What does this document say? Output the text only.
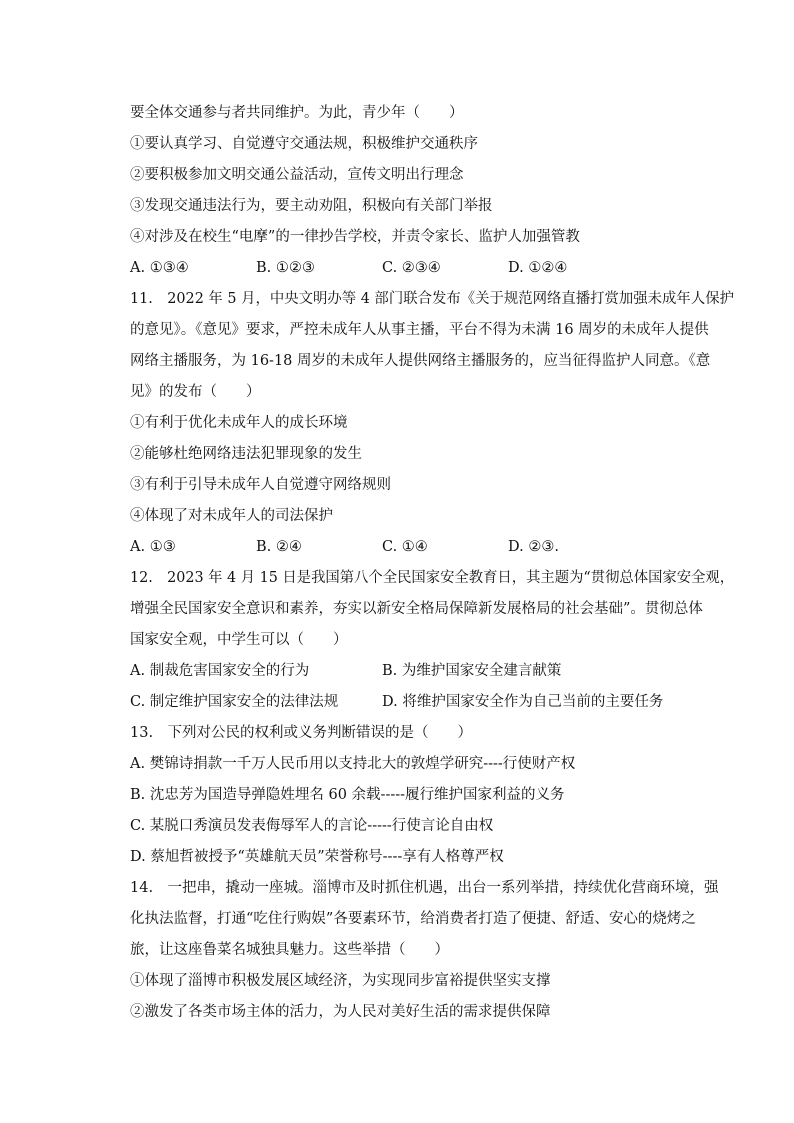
要全体交通参与者共同维护。为此，青少年（　　）
①要认真学习、自觉遵守交通法规，积极维护交通秩序
②要积极参加文明交通公益活动，宣传文明出行理念
③发现交通违法行为，要主动劝阻，积极向有关部门举报
④对涉及在校生“电摩”的一律抄告学校，并责令家长、监护人加强管教
A. ①③④	B. ①②③	C. ②③④	D. ①②④
11.　2022 年 5 月，中央文明办等 4 部门联合发布《关于规范网络直播打赏加强未成年人保护
的意见》。《意见》要求，严控未成年人从事主播，平台不得为未满 16 周岁的未成年人提供
网络主播服务，为 16-18 周岁的未成年人提供网络主播服务的，应当征得监护人同意。《意
见》的发布（　　）
①有利于优化未成年人的成长环境
②能够杜绝网络违法犯罪现象的发生
③有利于引导未成年人自觉遵守网络规则
④体现了对未成年人的司法保护
A. ①③	B. ②④	C. ①④	D. ②③.
12.　2023 年 4 月 15 日是我国第八个全民国家安全教育日，其主题为“贯彻总体国家安全观，
增强全民国家安全意识和素养，夯实以新安全格局保障新发展格局的社会基础”。贯彻总体
国家安全观，中学生可以（　　）
A. 制裁危害国家安全的行为	B. 为维护国家安全建言献策
C. 制定维护国家安全的法律法规	D. 将维护国家安全作为自己当前的主要任务
13.　下列对公民的权利或义务判断错误的是（　　）
A. 樊锦诗捐款一千万人民币用以支持北大的敦煌学研究----行使财产权
B. 沈忠芳为国造导弹隐姓埋名 60 余载-----履行维护国家利益的义务
C. 某脱口秀演员发表侮辱军人的言论-----行使言论自由权
D. 蔡旭哲被授予“英雄航天员”荣誉称号----享有人格尊严权
14.　一把串，撬动一座城。淄博市及时抓住机遇，出台一系列举措，持续优化营商环境，强
化执法监督，打通“吃住行购娱”各要素环节，给消费者打造了便捷、舒适、安心的烧烤之
旅，让这座鲁菜名城独具魅力。这些举措（　　）
①体现了淄博市积极发展区域经济，为实现同步富裕提供坚实支撑
②激发了各类市场主体的活力，为人民对美好生活的需求提供保障
